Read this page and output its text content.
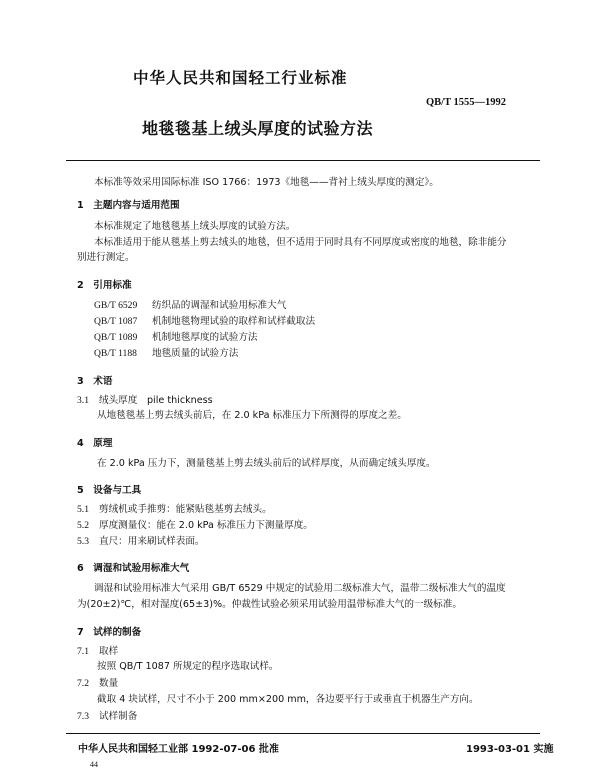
中华人民共和国轻工行业标准
QB/T 1555—1992
地毯毯基上绒头厚度的试验方法
本标准等效采用国际标准 ISO 1766：1973《地毯——背衬上绒头厚度的测定》。
1　主题内容与适用范围
本标准规定了地毯毯基上绒头厚度的试验方法。
本标准适用于能从毯基上剪去绒头的地毯，但不适用于同时具有不同厚度或密度的地毯，除非能分
别进行测定。
2　引用标准
GB/T 6529 纺织品的调湿和试验用标准大气
QB/T 1087 机制地毯物理试验的取样和试样截取法
QB/T 1089 机制地毯厚度的试验方法
QB/T 1188 地毯质量的试验方法
3　术语
3.1 绒头厚度　pile thickness
从地毯毯基上剪去绒头前后，在 2.0 kPa 标准压力下所测得的厚度之差。
4　原理
在 2.0 kPa 压力下，测量毯基上剪去绒头前后的试样厚度，从而确定绒头厚度。
5　设备与工具
5.1 剪绒机或手推剪：能紧贴毯基剪去绒头。
5.2 厚度测量仪：能在 2.0 kPa 标准压力下测量厚度。
5.3 直尺：用来刷试样表面。
6　调湿和试验用标准大气
调湿和试验用标准大气采用 GB/T 6529 中规定的试验用二级标准大气，温带二级标准大气的温度
为(20±2)℃，相对湿度(65±3)%。仲裁性试验必须采用试验用温带标准大气的一级标准。
7　试样的制备
7.1 取样
按照 QB/T 1087 所规定的程序选取试样。
7.2 数量
截取 4 块试样，尺寸不小于 200 mm×200 mm，各边要平行于或垂直于机器生产方向。
7.3 试样制备
中华人民共和国轻工业部 1992-07-06 批准	1993-03-01 实施
44
